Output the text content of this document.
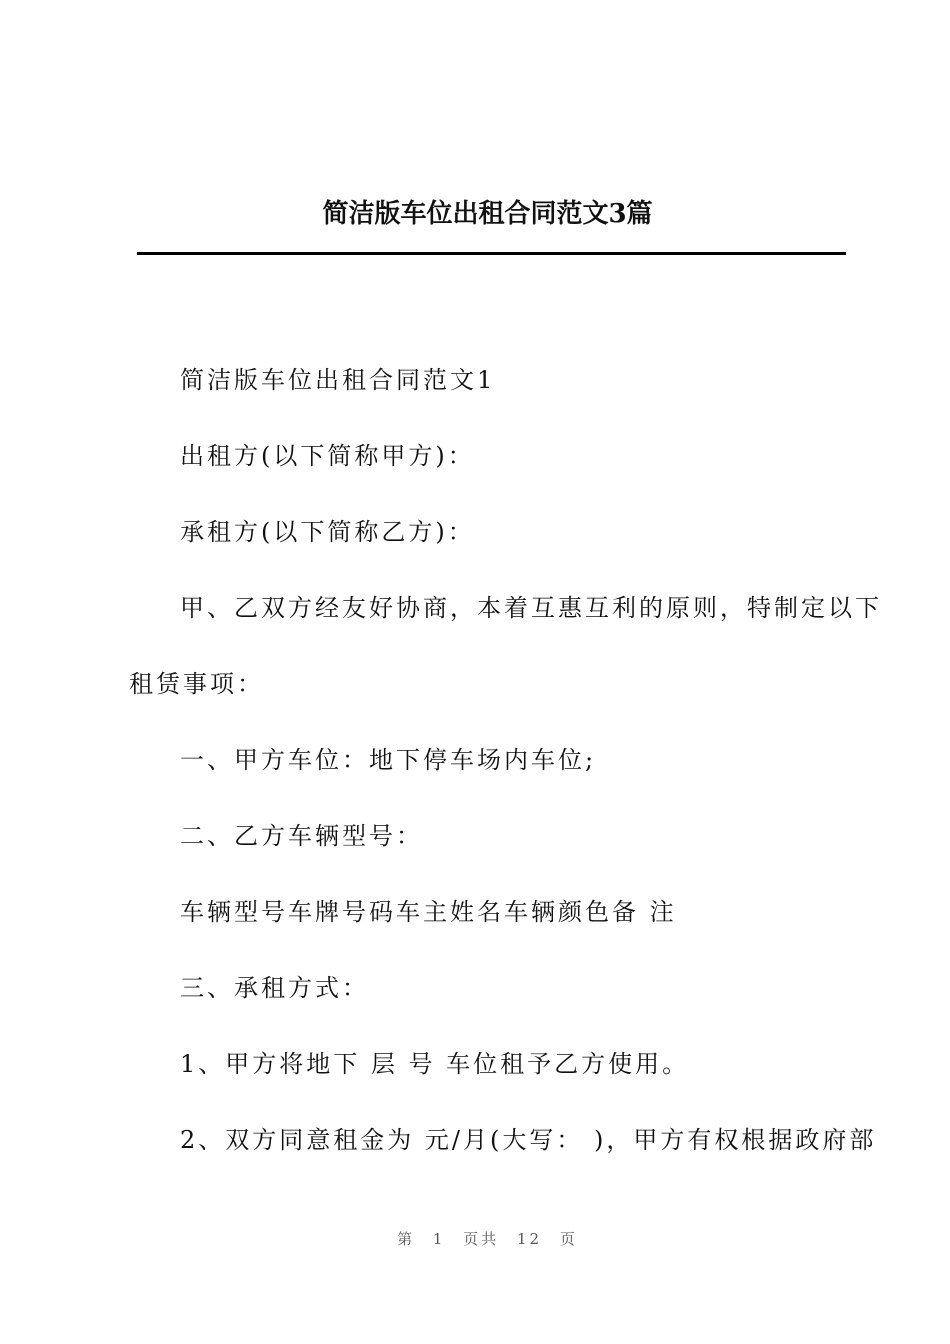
简洁版车位出租合同范文3篇

简洁版车位出租合同范文1

出租方(以下简称甲方)：

承租方(以下简称乙方)：

甲、乙双方经友好协商，本着互惠互利的原则，特制定以下

租赁事项：

一、甲方车位：地下停车场内车位;

二、乙方车辆型号：

车辆型号车牌号码车主姓名车辆颜色备 注

三、承租方式：

1、甲方将地下 层 号 车位租予乙方使用。

2、双方同意租金为 元/月(大写： )，甲方有权根据政府部

第 1 页共 12 页
